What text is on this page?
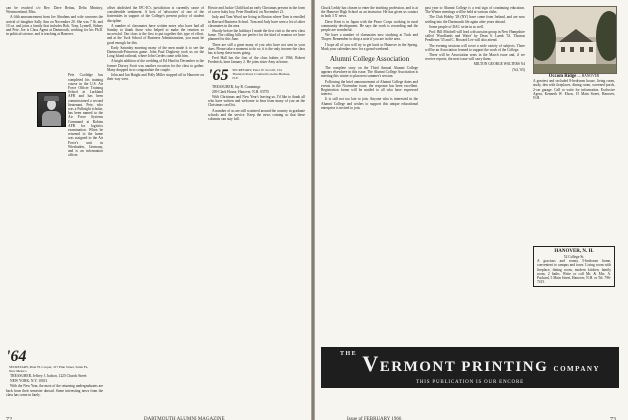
can be reached c/o Rev. Dave Bettau, Delta Ministry, Westmoreland, Miss.

A fifth announcement from Joe Abrahms and wife concerns the arrival of daughter Sally Ann on November 20. She was 7 lb. and 10 oz. and joins a family that includes Bob, Tony, Lynnell, Sidney and Pete. Joe is Class Agent at Dartmouth, working for his Ph.D. in political science, and is teaching at Hanover.

Pete Coolidge has completed his training course in the U.S. Air Force Officer Training School at Lackland AFB and has been commissioned a second lieutenant. Pete, who was a Fulbright scholar, has been named to the Air Force Systems Command at Robins AFB for logistics examination. When he returned to the home was assigned to the Air Force's unit in Wiesbaden, Germany, and is an information officer.

offset abolished the IFC-IC's jurisdiction is currently cause of considerable sentiment. A host of 'advocates' of one of the fraternities in support of the College's present policy of student discipline.

A number of classmates have written notes who have had all Sunday to thank those who helped to make the reunion so successful. Our class is the first to put together this type of effort, and at the Tuck School of Business Administration, you must be good enough for this.

Early Saturday morning many of the men made it to see the Dartmouth-Princeton game. John Paul Dogherty took us on the Long Island railroad, where John Cerdes came with him.

A bright addition of the wedding of Ed Hurd in December to the former Dorsey Scott was another occasion for the class to gather. Many dropped in to congratulate the couple.

John and Jan Haight and Polly Miller stopped off in Hanover on their way west.

'64 SECRETARY, Peter H. Cooper, 317 Pine Street, Santa Fe, New Mexico

TREASURER, Jeffrey J. Judson, 1225 Church Street

NEW YORK, N.Y. 10013

With the New Year, the most of the returning undergraduates are back from their semester abroad. Some interesting news from the class has come in lately.

Howie and Jackie Child had an early Christmas present in the form of a new baby boy, Peter Bradford, on November 21.

Judy and Tom Wood are living in Boston where Tom is enrolled in Harvard Business School. Tom and Judy have seen a lot of other classmates in the area.

Shortly before the holidays I made the first visit to the new class home. The rolling hills are perfect for the kind of reunion we have planned for this June.

There are still a great many of you who have not sent in your dues. Please take a moment to do so; it is the only income the class has to keep these notes going.

Fred Hall has the first of the class babies of 1966, Robert Frederick, born January 2. He joins sister Amy at home.

'65 SECRETARY, Peter W. Scovill, 134 Thurston Road, Cromwell-on-the-Hudson, N.Y.

TREASURER, Jay R. Cummings

209 Clark House, Hanover, N.H. 03755

With Christmas and New Year's leaving us, I'd like to thank all who have written and welcome to hear from many of you on the Christmas card list.

A number of us are still scattered around the country in graduate schools and the service. Keep the news coming so that these columns can stay full.

72	DARTMOUTH ALUMNI MAGAZINE

Chuck Leddy has chosen to enter the teaching profession, and is at the Hanover High School as an instructor. He has given us contact in both 3 X' news.

Dave Kent is in Japan with the Peace Corps working in rural community development. He says the work is rewarding and the people are wonderful.

We have a number of classmates now studying at Tuck and Thayer. Remember to drop a note if you are in the area.

I hope all of you will try to get back to Hanover in the Spring. Mark your calendars now for a grand weekend.

Alumni College Association

The complete story on the Third Annual Alumni College appears elsewhere in this issue. The Alumni College Association is meeting this winter to plan next summer's session.

Following the brief announcement of Alumni College dates and events in the November issue, the response has been excellent. Registration forms will be mailed to all who have expressed interest.

It is still not too late to join. Anyone who is interested in the Alumni College and wishes to support this unique educational enterprise is invited to join.

past year to Alumni College is a real sign of continuing education. The Winter meetings will be held at various clubs.

The Club Hobby '28 (NY) have come from Ireland, and are now settling into the Dartmouth life again after years abroad.

Some people of DAC write in as well.

Prof. Bill Mitchell will lead a discussion group in New Hampshire called 'Woodlands and Water' by Dean S. Lamb '33. Thomas Pendleton '35 and C. Howard Lee will also attend.

The evening sessions will cover a wide variety of subjects. There will be an Association formed to support the work of the College.

There will be Association seats in the March issue and, if we receive reports, the next issue will carry them.

MILTON GEORGE WALTERS '64

('64, '65)

Occom Ridge — HANOVER
A greatest and secluded 8-bedroom house, living room, study, den with fireplaces, dining room, screened porch, 2-car garage. Call or write for information. Exclusive Agent, Kenneth W. Elson, 15 Main Street, Hanover, N.H.
HANOVER, N. H.
52 College St.
A gracious and roomy 5-bedroom home, convenient to campus and town. Living room with fireplace, dining room, modern kitchen, family room, 2 baths. Write or call Mr. & Mrs. A. Packard, 5 Main Street, Hanover, N.H. or Tel. 796-7415.
$^{THE}$ VERMONT PRINTING COMPANY
THIS PUBLICATION IS OUR ENCORE
Issue of FEBRUARY 1966	73
